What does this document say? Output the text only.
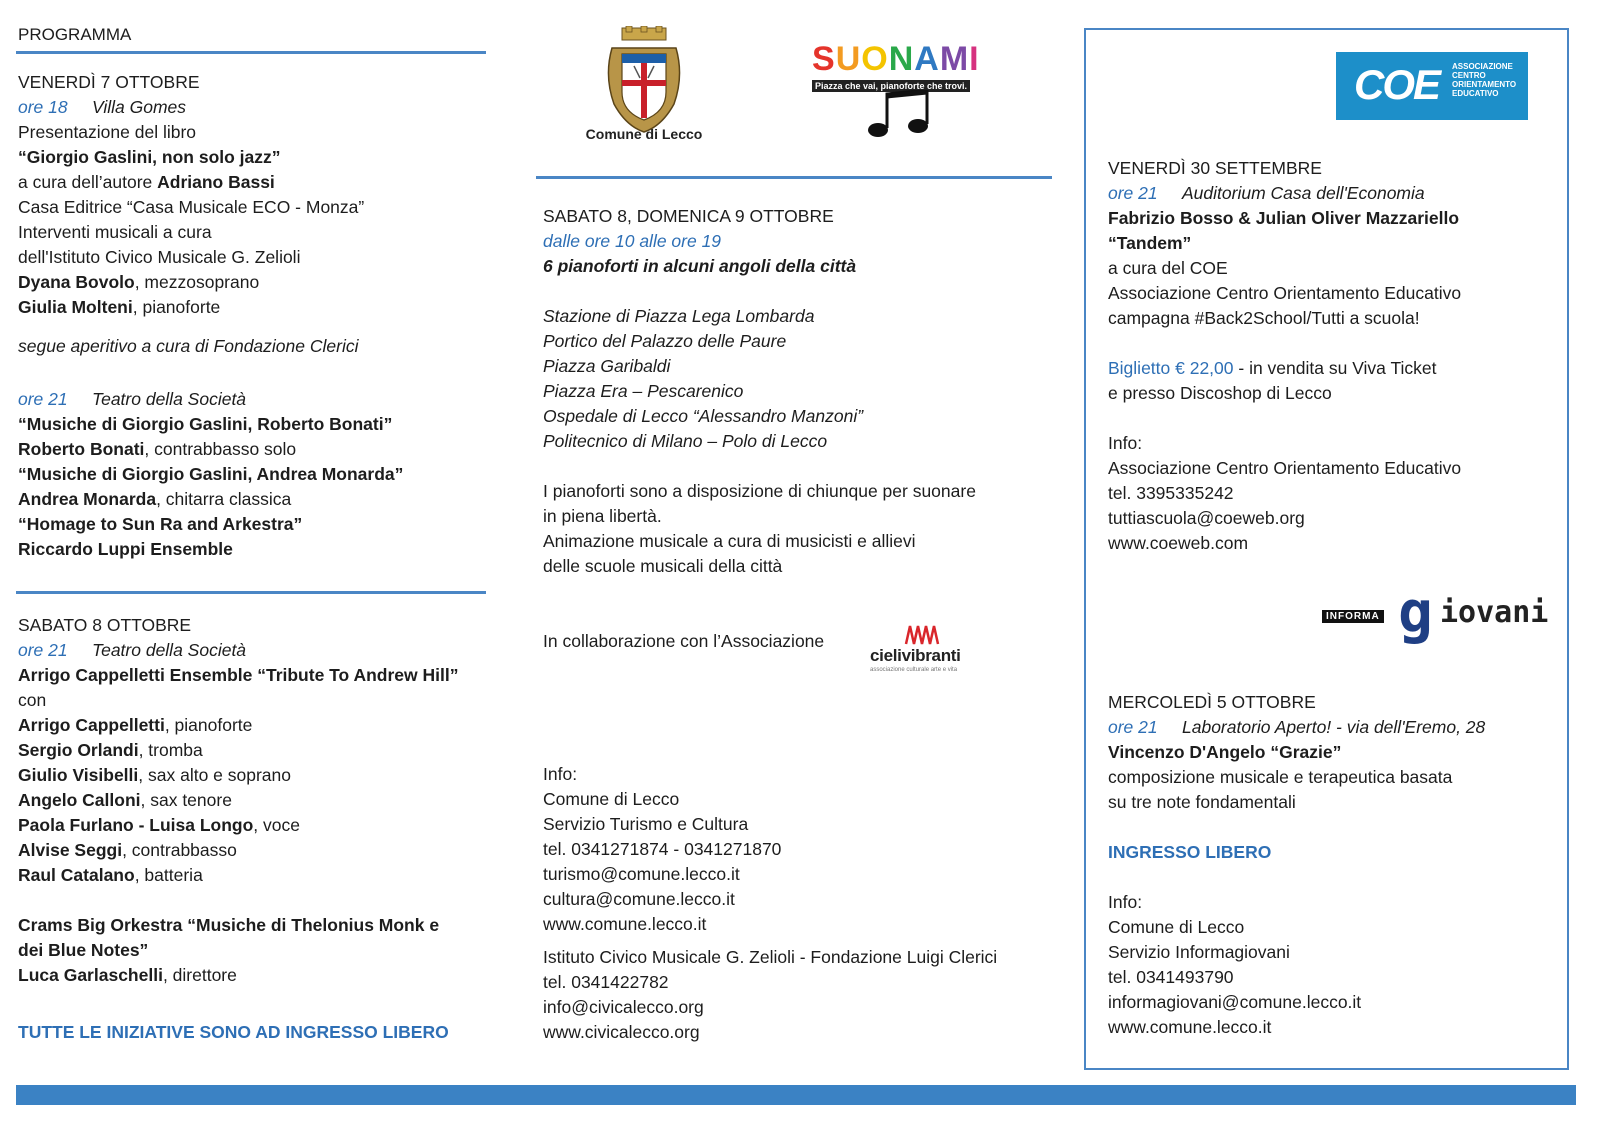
PROGRAMMA
VENERDÌ 7 OTTOBRE
ore 18 Villa Gomes
Presentazione del libro
“Giorgio Gaslini, non solo jazz”
a cura dell’autore Adriano Bassi
Casa Editrice “Casa Musicale ECO - Monza”
Interventi musicali a cura
dell'Istituto Civico Musicale G. Zelioli
Dyana Bovolo, mezzosoprano
Giulia Molteni, pianoforte
segue aperitivo a cura di Fondazione Clerici
ore 21 Teatro della Società
“Musiche di Giorgio Gaslini, Roberto Bonati”
Roberto Bonati, contrabbasso solo
“Musiche di Giorgio Gaslini, Andrea Monarda”
Andrea Monarda, chitarra classica
“Homage to Sun Ra and Arkestra”
Riccardo Luppi Ensemble
SABATO 8 OTTOBRE
ore 21 Teatro della Società
Arrigo Cappelletti Ensemble “Tribute To Andrew Hill”
con
Arrigo Cappelletti, pianoforte
Sergio Orlandi, tromba
Giulio Visibelli, sax alto e soprano
Angelo Calloni, sax tenore
Paola Furlano - Luisa Longo, voce
Alvise Seggi, contrabbasso
Raul Catalano, batteria
Crams Big Orkestra “Musiche di Thelonius Monk e
dei Blue Notes”
Luca Garlaschelli, direttore
TUTTE LE INIZIATIVE SONO AD INGRESSO LIBERO
Comune di Lecco
SUONAMI
Piazza che vai, pianoforte che trovi.
SABATO 8, DOMENICA 9 OTTOBRE
dalle ore 10 alle ore 19
6 pianoforti in alcuni angoli della città
Stazione di Piazza Lega Lombarda
Portico del Palazzo delle Paure
Piazza Garibaldi
Piazza Era – Pescarenico
Ospedale di Lecco “Alessandro Manzoni”
Politecnico di Milano – Polo di Lecco
I pianoforti sono a disposizione di chiunque per suonare
in piena libertà.
Animazione musicale a cura di musicisti e allievi
delle scuole musicali della città
In collaborazione con l’Associazione
cielivibranti
associazione culturale arte e vita
Info:
Comune di Lecco
Servizio Turismo e Cultura
tel. 0341271874 - 0341271870
turismo@comune.lecco.it
cultura@comune.lecco.it
www.comune.lecco.it
Istituto Civico Musicale G. Zelioli - Fondazione Luigi Clerici
tel. 0341422782
info@civicalecco.org
www.civicalecco.org
COE ASSOCIAZIONE
CENTRO
ORIENTAMENTO
EDUCATIVO
VENERDÌ 30 SETTEMBRE
ore 21 Auditorium Casa dell'Economia
Fabrizio Bosso & Julian Oliver Mazzariello
“Tandem”
a cura del COE
Associazione Centro Orientamento Educativo
campagna #Back2School/Tutti a scuola!
Biglietto € 22,00 - in vendita su Viva Ticket
e presso Discoshop di Lecco
Info:
Associazione Centro Orientamento Educativo
tel. 3395335242
tuttiascuola@coeweb.org
www.coeweb.com
INFORMA g iovani
MERCOLEDÌ 5 OTTOBRE
ore 21 Laboratorio Aperto! - via dell'Eremo, 28
Vincenzo D'Angelo “Grazie”
composizione musicale e terapeutica basata
su tre note fondamentali
INGRESSO LIBERO
Info:
Comune di Lecco
Servizio Informagiovani
tel. 0341493790
informagiovani@comune.lecco.it
www.comune.lecco.it
